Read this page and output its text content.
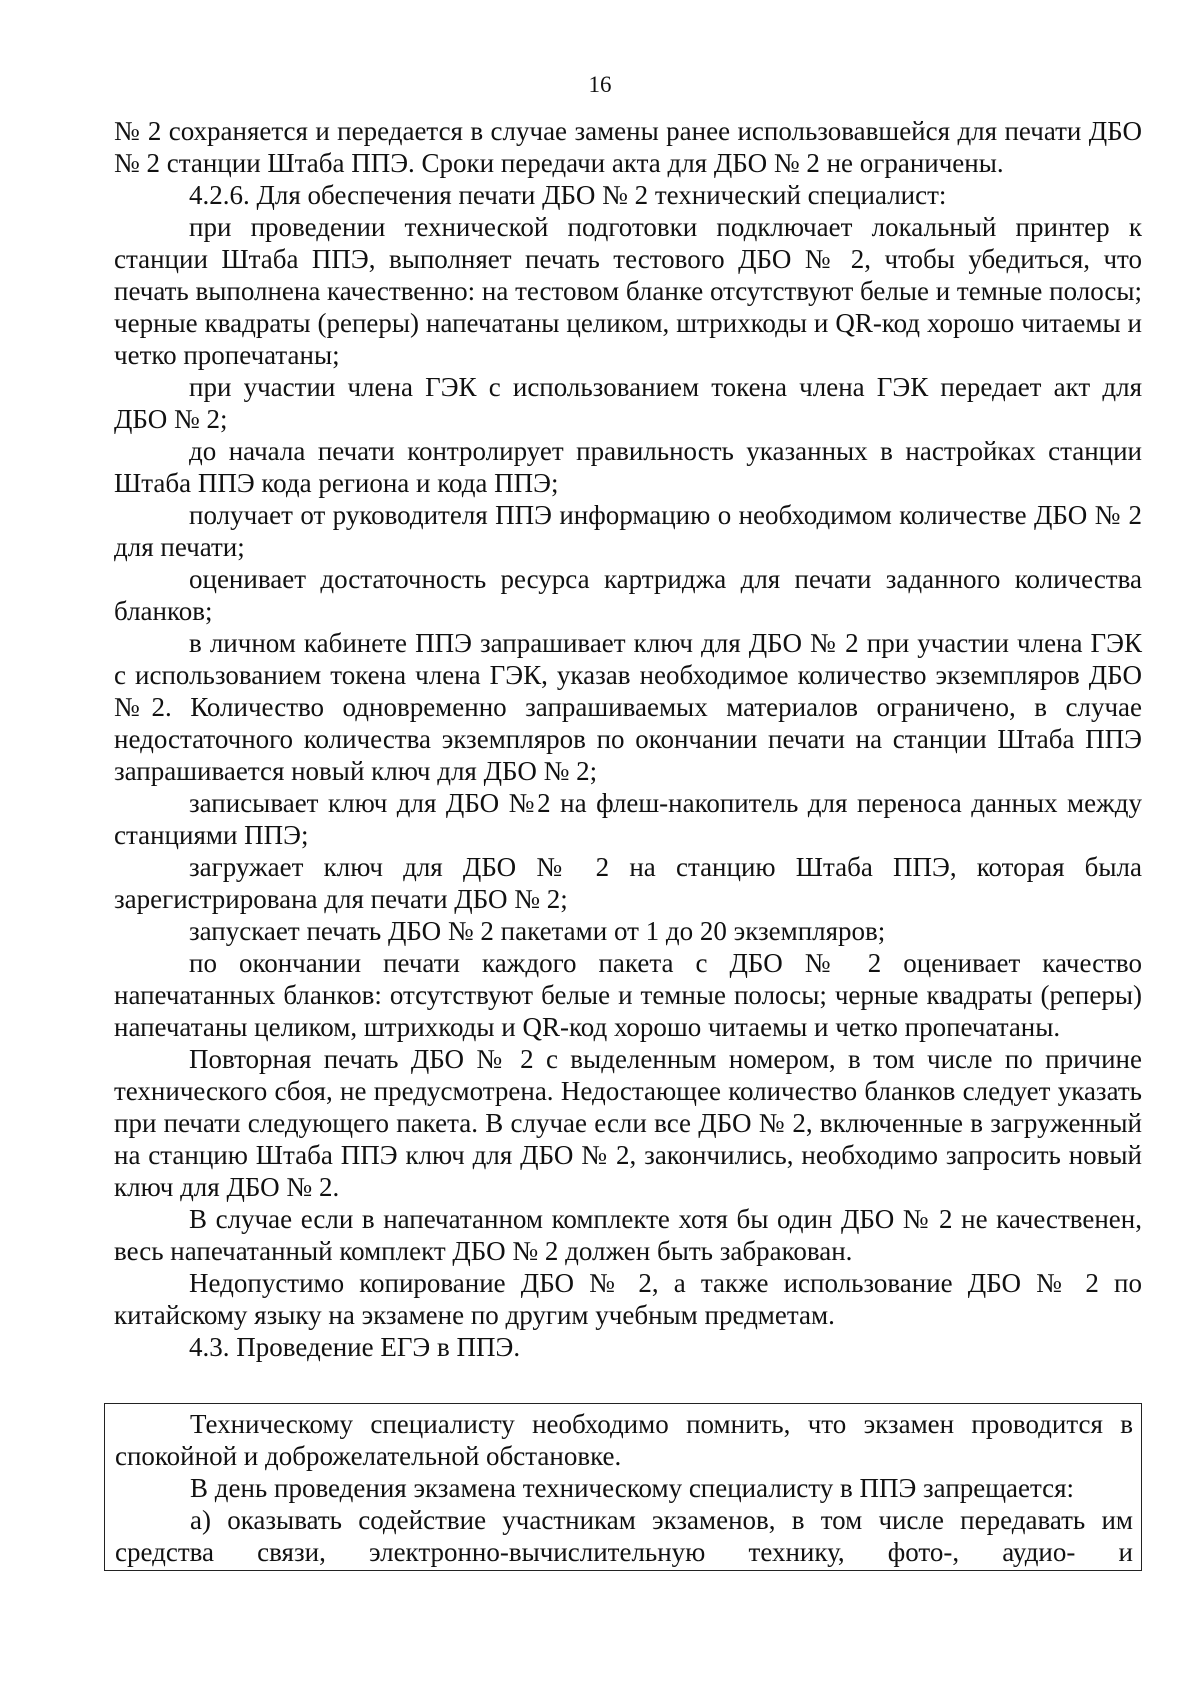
16

№ 2 сохраняется и передается в случае замены ранее использовавшейся для печати ДБО № 2 станции Штаба ППЭ. Сроки передачи акта для ДБО № 2 не ограничены.

4.2.6. Для обеспечения печати ДБО № 2 технический специалист:

при проведении технической подготовки подключает локальный принтер к станции Штаба ППЭ, выполняет печать тестового ДБО № 2, чтобы убедиться, что печать выполнена качественно: на тестовом бланке отсутствуют белые и темные полосы; черные квадраты (реперы) напечатаны целиком, штрихкоды и QR-код хорошо читаемы и четко пропечатаны;

при участии члена ГЭК с использованием токена члена ГЭК передает акт для ДБО № 2;

до начала печати контролирует правильность указанных в настройках станции Штаба ППЭ кода региона и кода ППЭ;

получает от руководителя ППЭ информацию о необходимом количестве ДБО № 2 для печати;

оценивает достаточность ресурса картриджа для печати заданного количества бланков;

в личном кабинете ППЭ запрашивает ключ для ДБО № 2 при участии члена ГЭК с использованием токена члена ГЭК, указав необходимое количество экземпляров ДБО №2. Количество одновременно запрашиваемых материалов ограничено, в случае недостаточного количества экземпляров по окончании печати на станции Штаба ППЭ запрашивается новый ключ для ДБО № 2;

записывает ключ для ДБО №2 на флеш-накопитель для переноса данных между станциями ППЭ;

загружает ключ для ДБО № 2 на станцию Штаба ППЭ, которая была зарегистрирована для печати ДБО № 2;

запускает печать ДБО № 2 пакетами от 1 до 20 экземпляров;

по окончании печати каждого пакета с ДБО № 2 оценивает качество напечатанных бланков: отсутствуют белые и темные полосы; черные квадраты (реперы) напечатаны целиком, штрихкоды и QR-код хорошо читаемы и четко пропечатаны.

Повторная печать ДБО № 2 с выделенным номером, в том числе по причине технического сбоя, не предусмотрена. Недостающее количество бланков следует указать при печати следующего пакета. В случае если все ДБО № 2, включенные в загруженный на станцию Штаба ППЭ ключ для ДБО № 2, закончились, необходимо запросить новый ключ для ДБО № 2.

В случае если в напечатанном комплекте хотя бы один ДБО № 2 не качественен, весь напечатанный комплект ДБО № 2 должен быть забракован.

Недопустимо копирование ДБО № 2, а также использование ДБО № 2 по китайскому языку на экзамене по другим учебным предметам.

4.3. Проведение ЕГЭ в ППЭ.

Техническому специалисту необходимо помнить, что экзамен проводится в спокойной и доброжелательной обстановке.

В день проведения экзамена техническому специалисту в ППЭ запрещается:

а) оказывать содействие участникам экзаменов, в том числе передавать им средства связи, электронно-вычислительную технику, фото-, аудио- и
